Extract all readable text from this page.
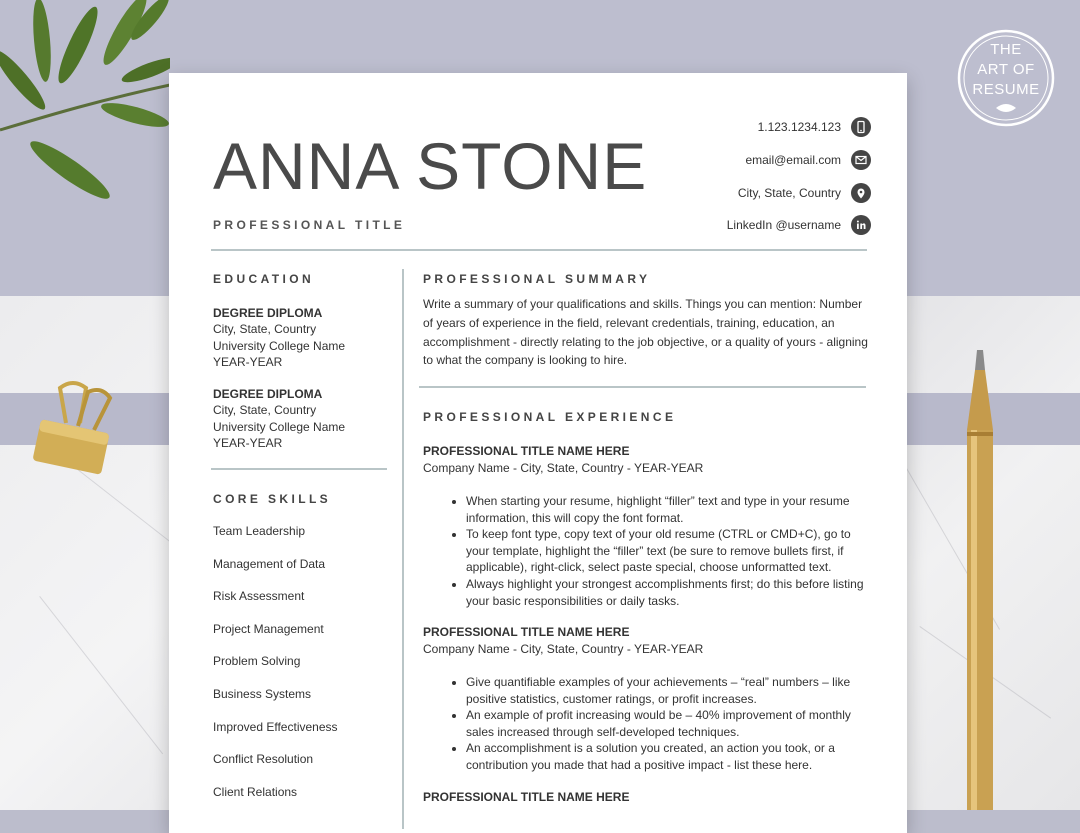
THE
ART OF
RESUME
ANNA STONE
PROFESSIONAL TITLE
1.123.1234.123
email@email.com
City, State, Country
LinkedIn @username
EDUCATION
DEGREE DIPLOMA
City, State, Country
University College Name
YEAR-YEAR
DEGREE DIPLOMA
City, State, Country
University College Name
YEAR-YEAR
CORE SKILLS
Team Leadership
Management of Data
Risk Assessment
Project Management
Problem Solving
Business Systems
Improved Effectiveness
Conflict Resolution
Client Relations
PROFESSIONAL SUMMARY
Write a summary of your qualifications and skills. Things you can mention: Number of years of experience in the field, relevant credentials, training, education, an accomplishment - directly relating to the job objective, or a quality of yours - aligning to what the company is looking to hire.
PROFESSIONAL EXPERIENCE
PROFESSIONAL TITLE NAME HERE
Company Name - City, State, Country - YEAR-YEAR
• When starting your resume, highlight “filler” text and type in your resume information, this will copy the font format.
• To keep font type, copy text of your old resume (CTRL or CMD+C), go to your template, highlight the “filler” text (be sure to remove bullets first, if applicable), right-click, select paste special, choose unformatted text.
• Always highlight your strongest accomplishments first; do this before listing your basic responsibilities or daily tasks.
PROFESSIONAL TITLE NAME HERE
Company Name - City, State, Country - YEAR-YEAR
• Give quantifiable examples of your achievements – “real” numbers – like positive statistics, customer ratings, or profit increases.
• An example of profit increasing would be – 40% improvement of monthly sales increased through self-developed techniques.
• An accomplishment is a solution you created, an action you took, or a contribution you made that had a positive impact - list these here.
PROFESSIONAL TITLE NAME HERE
